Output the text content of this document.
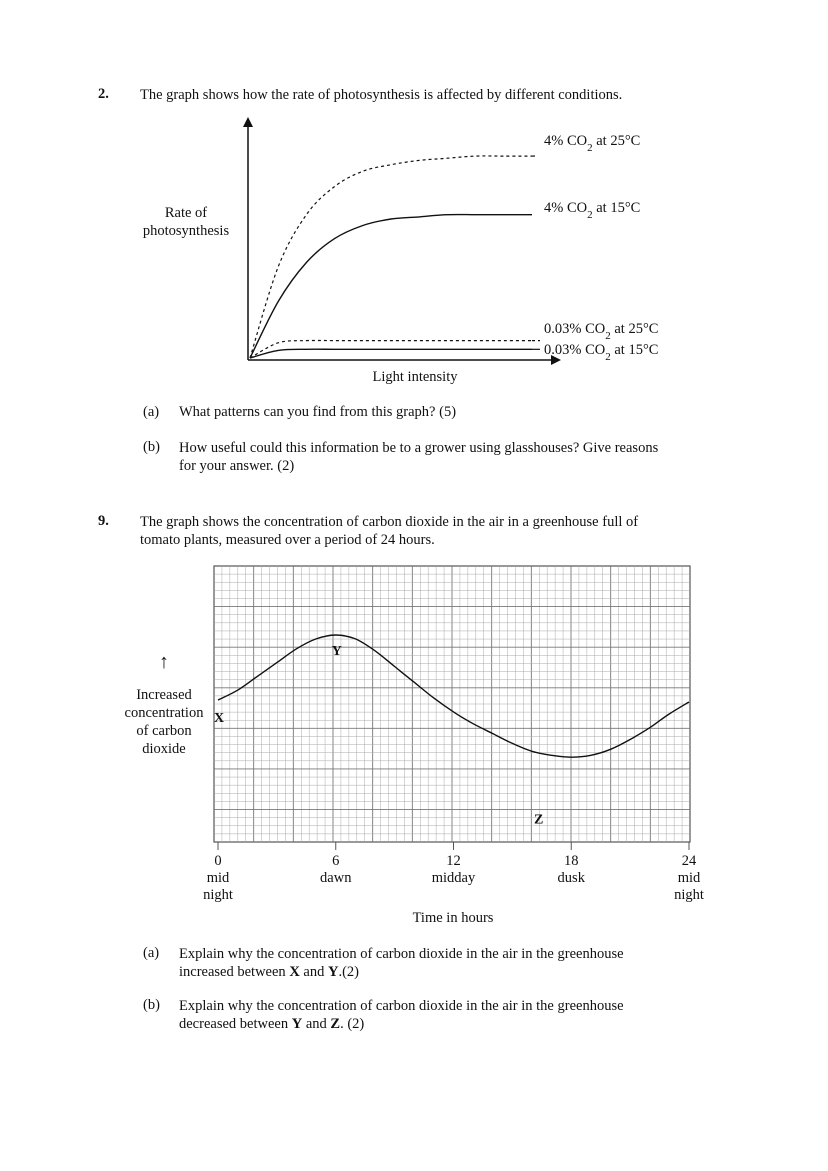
2. The graph shows how the rate of photosynthesis is affected by different conditions.
Rate of
photosynthesis
4% $CO_2$ at 25°C
4% $CO_2$ at 15°C
0.03% $CO_2$ at 25°C
0.03% $CO_2$ at 15°C
Light intensity
(a) What patterns can you find from this graph? (5)
(b) How useful could this information be to a grower using glasshouses? Give reasons
for your answer. (2)
9. The graph shows the concentration of carbon dioxide in the air in a greenhouse full of
tomato plants, measured over a period of 24 hours.
↑
Increased
concentration
of carbon
dioxide
X
Y
Z
0
mid
night
6
dawn
12
midday
18
dusk
24
mid
night
Time in hours
(a) Explain why the concentration of carbon dioxide in the air in the greenhouse
increased between X and Y.(2)
(b) Explain why the concentration of carbon dioxide in the air in the greenhouse
decreased between Y and Z. (2)
